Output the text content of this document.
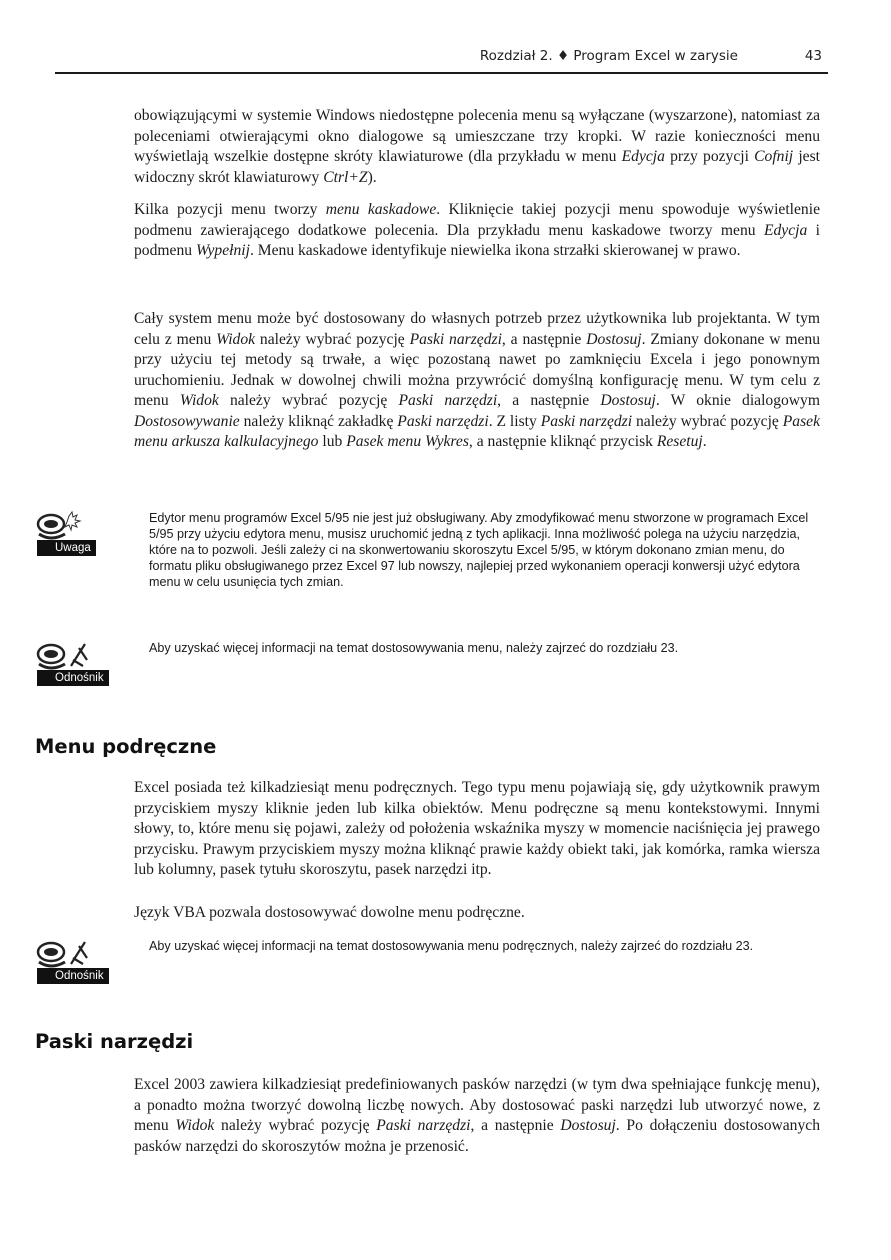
Rozdział 2. ♦ Program Excel w zarysie	43

obowiązującymi w systemie Windows niedostępne polecenia menu są wyłączane (wyszarzone), natomiast za poleceniami otwierającymi okno dialogowe są umieszczane trzy kropki. W razie konieczności menu wyświetlają wszelkie dostępne skróty klawiaturowe (dla przykładu w menu Edycja przy pozycji Cofnij jest widoczny skrót klawiaturowy Ctrl+Z).

Kilka pozycji menu tworzy menu kaskadowe. Kliknięcie takiej pozycji menu spowoduje wyświetlenie podmenu zawierającego dodatkowe polecenia. Dla przykładu menu kaskadowe tworzy menu Edycja i podmenu Wypełnij. Menu kaskadowe identyfikuje niewielka ikona strzałki skierowanej w prawo.

Cały system menu może być dostosowany do własnych potrzeb przez użytkownika lub projektanta. W tym celu z menu Widok należy wybrać pozycję Paski narzędzi, a następnie Dostosuj. Zmiany dokonane w menu przy użyciu tej metody są trwałe, a więc pozostaną nawet po zamknięciu Excela i jego ponownym uruchomieniu. Jednak w dowolnej chwili można przywrócić domyślną konfigurację menu. W tym celu z menu Widok należy wybrać pozycję Paski narzędzi, a następnie Dostosuj. W oknie dialogowym Dostosowywanie należy kliknąć zakładkę Paski narzędzi. Z listy Paski narzędzi należy wybrać pozycję Pasek menu arkusza kalkulacyjnego lub Pasek menu Wykres, a następnie kliknąć przycisk Resetuj.

Uwaga

Edytor menu programów Excel 5/95 nie jest już obsługiwany. Aby zmodyfikować menu stworzone w programach Excel 5/95 przy użyciu edytora menu, musisz uruchomić jedną z tych aplikacji. Inna możliwość polega na użyciu narzędzia, które na to pozwoli. Jeśli zależy ci na skonwertowaniu skoroszytu Excel 5/95, w którym dokonano zmian menu, do formatu pliku obsługiwanego przez Excel 97 lub nowszy, najlepiej przed wykonaniem operacji konwersji użyć edytora menu w celu usunięcia tych zmian.

Odnośnik

Aby uzyskać więcej informacji na temat dostosowywania menu, należy zajrzeć do rozdziału 23.

Menu podręczne

Excel posiada też kilkadziesiąt menu podręcznych. Tego typu menu pojawiają się, gdy użytkownik prawym przyciskiem myszy kliknie jeden lub kilka obiektów. Menu podręczne są menu kontekstowymi. Innymi słowy, to, które menu się pojawi, zależy od położenia wskaźnika myszy w momencie naciśnięcia jej prawego przycisku. Prawym przyciskiem myszy można kliknąć prawie każdy obiekt taki, jak komórka, ramka wiersza lub kolumny, pasek tytułu skoroszytu, pasek narzędzi itp.

Język VBA pozwala dostosowywać dowolne menu podręczne.

Odnośnik

Aby uzyskać więcej informacji na temat dostosowywania menu podręcznych, należy zajrzeć do rozdziału 23.

Paski narzędzi

Excel 2003 zawiera kilkadziesiąt predefiniowanych pasków narzędzi (w tym dwa spełniające funkcję menu), a ponadto można tworzyć dowolną liczbę nowych. Aby dostosować paski narzędzi lub utworzyć nowe, z menu Widok należy wybrać pozycję Paski narzędzi, a następnie Dostosuj. Po dołączeniu dostosowanych pasków narzędzi do skoroszytów można je przenosić.
